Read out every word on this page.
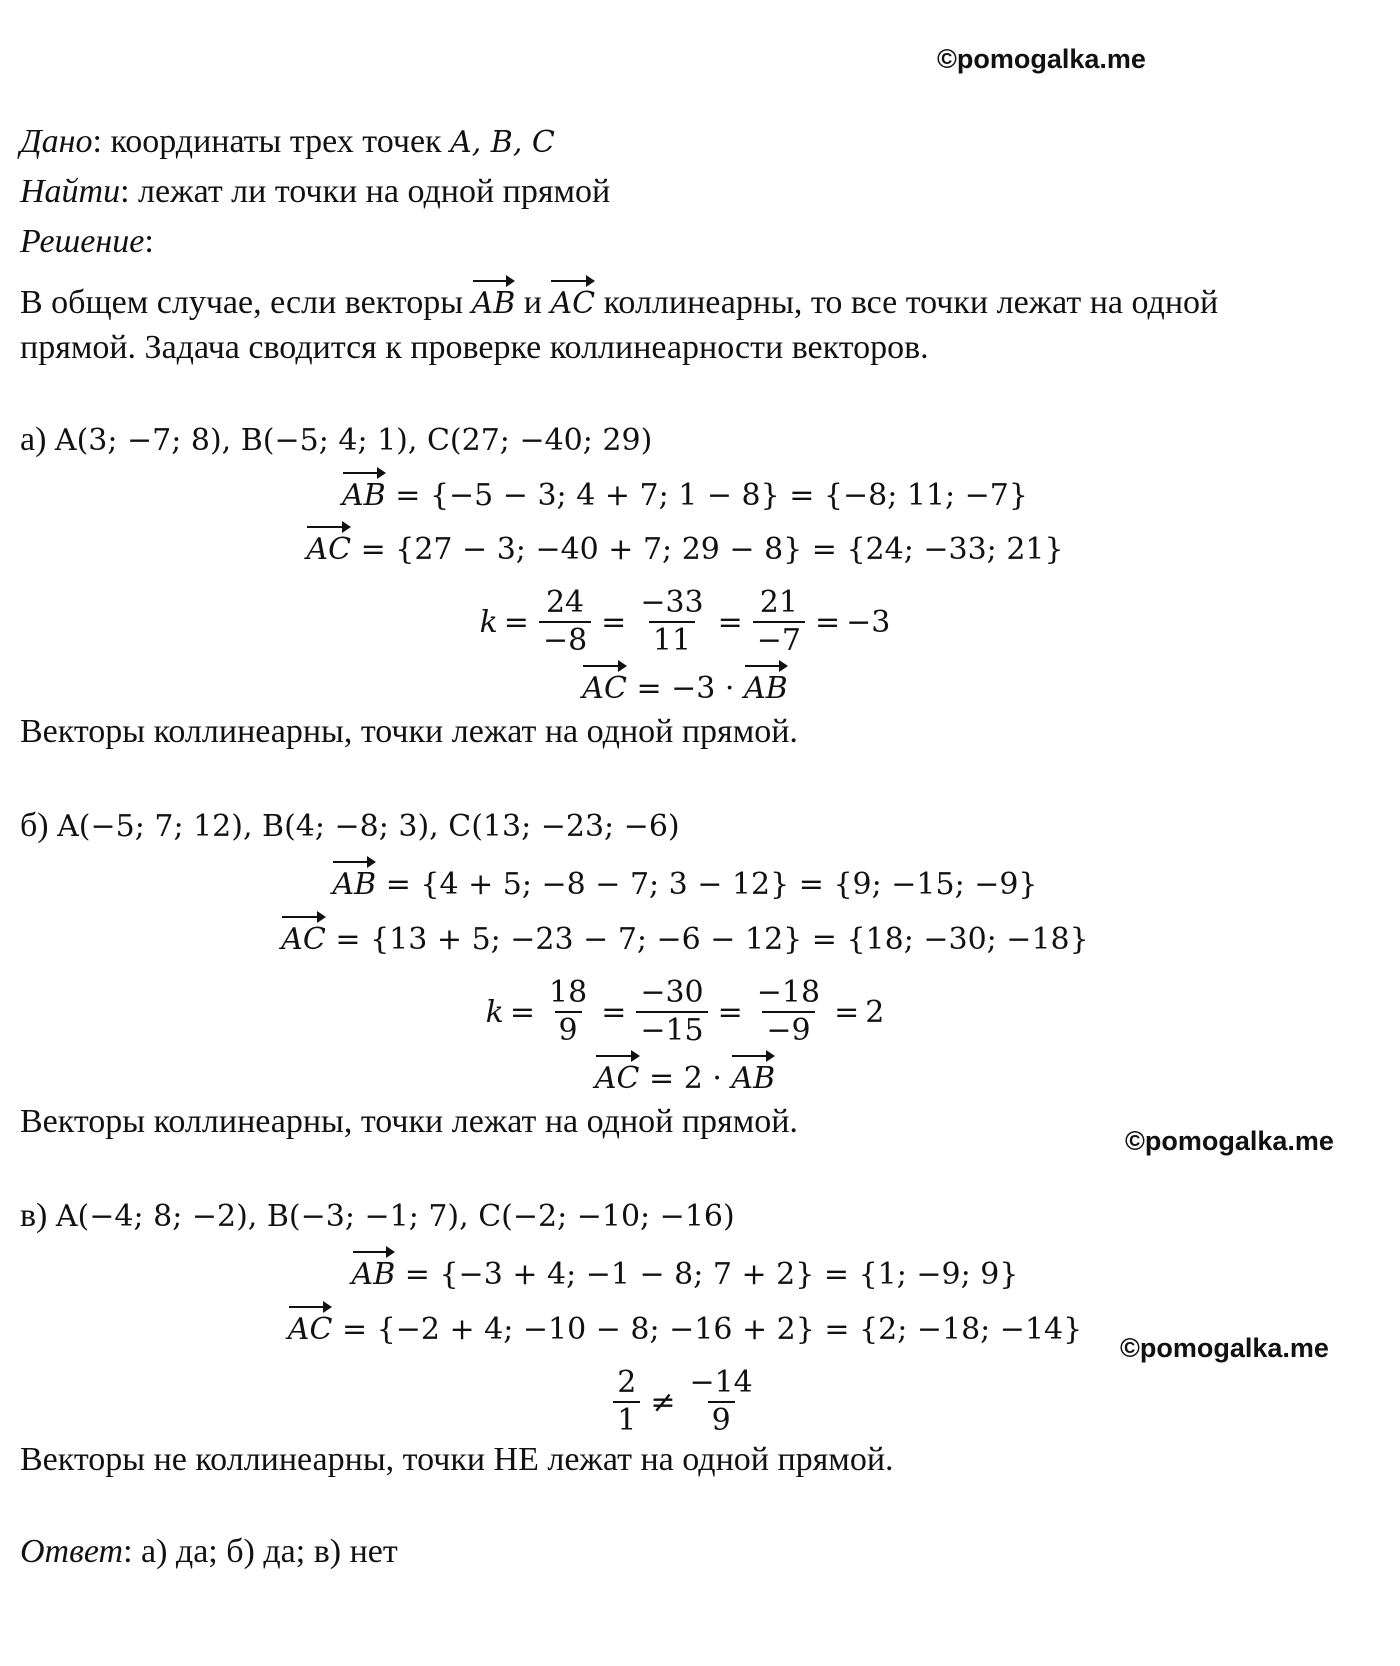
©pomogalka.me
©pomogalka.me
©pomogalka.me
Дано: координаты трех точек A, B, C
Найти: лежат ли точки на одной прямой
Решение:
В общем случае, если векторы AB и AC коллинеарны, то все точки лежат на одной
прямой. Задача сводится к проверке коллинеарности векторов.
а) A(3; −7; 8), B(−5; 4; 1), C(27; −40; 29)
AB = {−5 − 3; 4 + 7; 1 − 8} = {−8; 11; −7}
AC = {27 − 3; −40 + 7; 29 − 8} = {24; −33; 21}
$k = \frac{24}{-8} = \frac{-33}{11} = \frac{21}{-7} = -3$
AC = −3 · AB
Векторы коллинеарны, точки лежат на одной прямой.
б) A(−5; 7; 12), B(4; −8; 3), C(13; −23; −6)
AB = {4 + 5; −8 − 7; 3 − 12} = {9; −15; −9}
AC = {13 + 5; −23 − 7; −6 − 12} = {18; −30; −18}
$k = \frac{18}{9} = \frac{-30}{-15} = \frac{-18}{-9} = 2$
AC = 2 · AB
Векторы коллинеарны, точки лежат на одной прямой.
в) A(−4; 8; −2), B(−3; −1; 7), C(−2; −10; −16)
AB = {−3 + 4; −1 − 8; 7 + 2} = {1; −9; 9}
AC = {−2 + 4; −10 − 8; −16 + 2} = {2; −18; −14}
$\frac{2}{1} \ne \frac{-14}{9}$
Векторы не коллинеарны, точки НЕ лежат на одной прямой.
Ответ: а) да; б) да; в) нет
